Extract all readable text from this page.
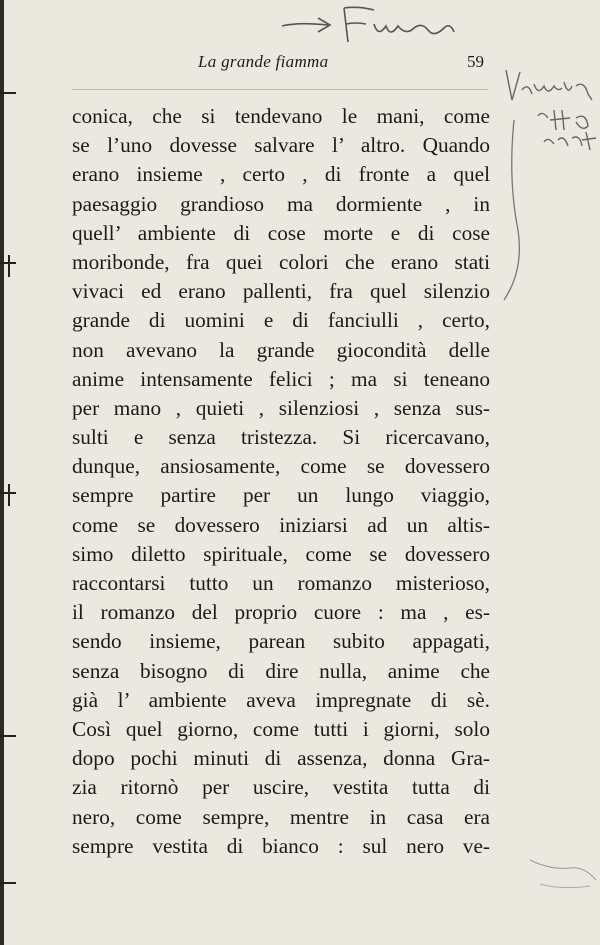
La grande fiamma	59
conica, che si tendevano le mani, come
se l’uno dovesse salvare l’ altro. Quando
erano insieme , certo , di fronte a quel
paesaggio grandioso ma dormiente , in
quell’ ambiente di cose morte e di cose
moribonde, fra quei colori che erano stati
vivaci ed erano pallenti, fra quel silenzio
grande di uomini e di fanciulli , certo,
non avevano la grande giocondità delle
anime intensamente felici ; ma si teneano
per mano , quieti , silenziosi , senza sus-
sulti e senza tristezza. Si ricercavano,
dunque, ansiosamente, come se dovessero
sempre partire per un lungo viaggio,
come se dovessero iniziarsi ad un altis-
simo diletto spirituale, come se dovessero
raccontarsi tutto un romanzo misterioso,
il romanzo del proprio cuore : ma , es-
sendo insieme, parean subito appagati,
senza bisogno di dire nulla, anime che
già l’ ambiente aveva impregnate di sè.
Così quel giorno, come tutti i giorni, solo
dopo pochi minuti di assenza, donna Gra-
zia ritornò per uscire, vestita tutta di
nero, come sempre, mentre in casa era
sempre vestita di bianco : sul nero ve-
